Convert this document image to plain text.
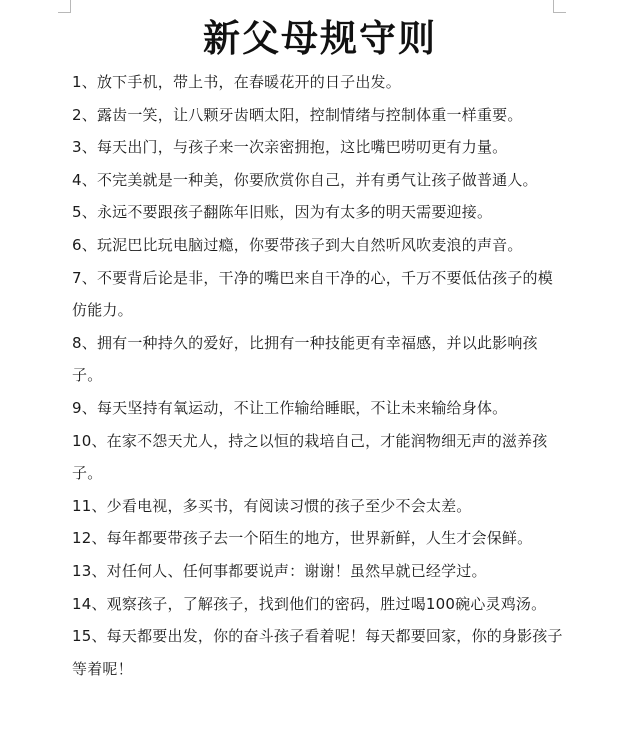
新父母规守则
1、放下手机，带上书，在春暖花开的日子出发。
2、露齿一笑，让八颗牙齿晒太阳，控制情绪与控制体重一样重要。
3、每天出门，与孩子来一次亲密拥抱，这比嘴巴唠叨更有力量。
4、不完美就是一种美，你要欣赏你自己，并有勇气让孩子做普通人。
5、永远不要跟孩子翻陈年旧账，因为有太多的明天需要迎接。
6、玩泥巴比玩电脑过瘾，你要带孩子到大自然听风吹麦浪的声音。
7、不要背后论是非，干净的嘴巴来自干净的心，千万不要低估孩子的模仿能力。
8、拥有一种持久的爱好，比拥有一种技能更有幸福感，并以此影响孩子。
9、每天坚持有氧运动，不让工作输给睡眠，不让未来输给身体。
10、在家不怨天尤人，持之以恒的栽培自己，才能润物细无声的滋养孩子。
11、少看电视，多买书，有阅读习惯的孩子至少不会太差。
12、每年都要带孩子去一个陌生的地方，世界新鲜，人生才会保鲜。
13、对任何人、任何事都要说声：谢谢！虽然早就已经学过。
14、观察孩子，了解孩子，找到他们的密码，胜过喝100碗心灵鸡汤。
15、每天都要出发，你的奋斗孩子看着呢！每天都要回家，你的身影孩子等着呢！
